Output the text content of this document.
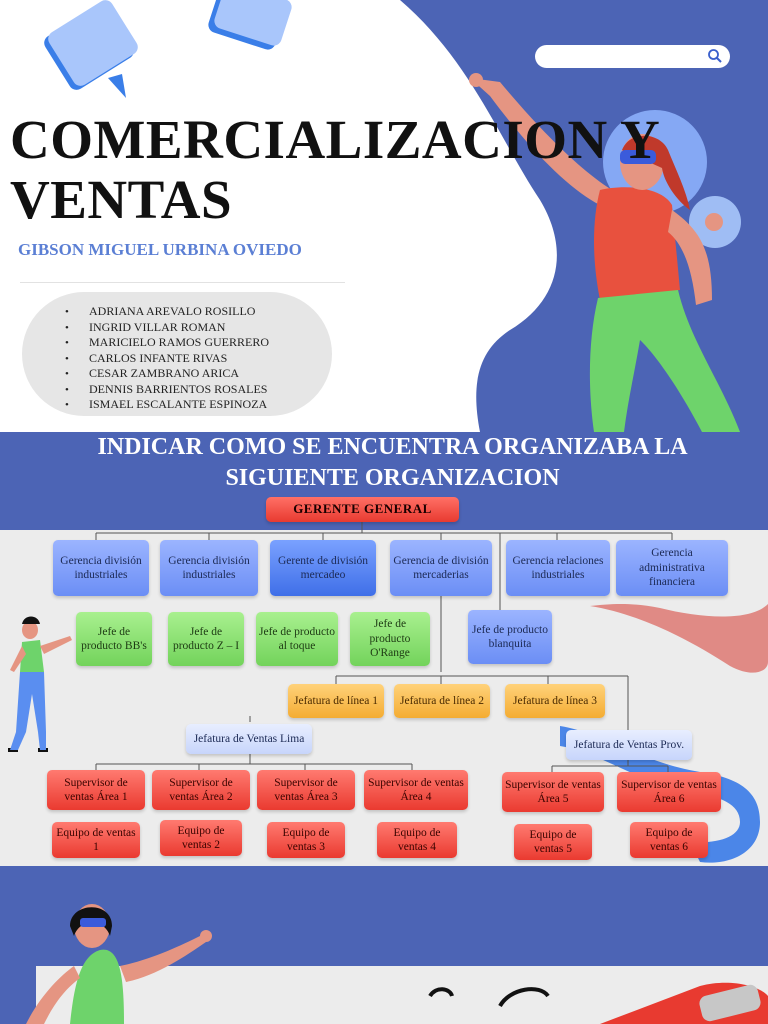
COMERCIALIZACION Y
VENTAS
GIBSON MIGUEL URBINA OVIEDO
• ADRIANA AREVALO ROSILLO
• INGRID VILLAR ROMAN
• MARICIELO RAMOS GUERRERO
• CARLOS INFANTE RIVAS
• CESAR ZAMBRANO ARICA
• DENNIS BARRIENTOS ROSALES
• ISMAEL ESCALANTE ESPINOZA
INDICAR COMO SE ENCUENTRA ORGANIZABA LA
SIGUIENTE ORGANIZACION
GERENTE GENERAL
Gerencia división industriales
Gerencia división industriales
Gerente de división mercadeo
Gerencia de división mercaderias
Gerencia relaciones industriales
Gerencia administrativa financiera
Jefe de producto BB's
Jefe de producto Z – I
Jefe de producto al toque
Jefe de producto O'Range
Jefe de producto blanquita
Jefatura de línea 1	Jefatura de línea 2	Jefatura de línea 3
Jefatura de Ventas Lima	Jefatura de Ventas Prov.
Supervisor de ventas Área 1
Supervisor de ventas Área 2
Supervisor de ventas Área 3
Supervisor de ventas Área 4
Supervisor de ventas Área 5
Supervisor de ventas Área 6
Equipo de ventas 1
Equipo de ventas 2
Equipo de ventas 3
Equipo de ventas 4
Equipo de ventas 5
Equipo de ventas 6
